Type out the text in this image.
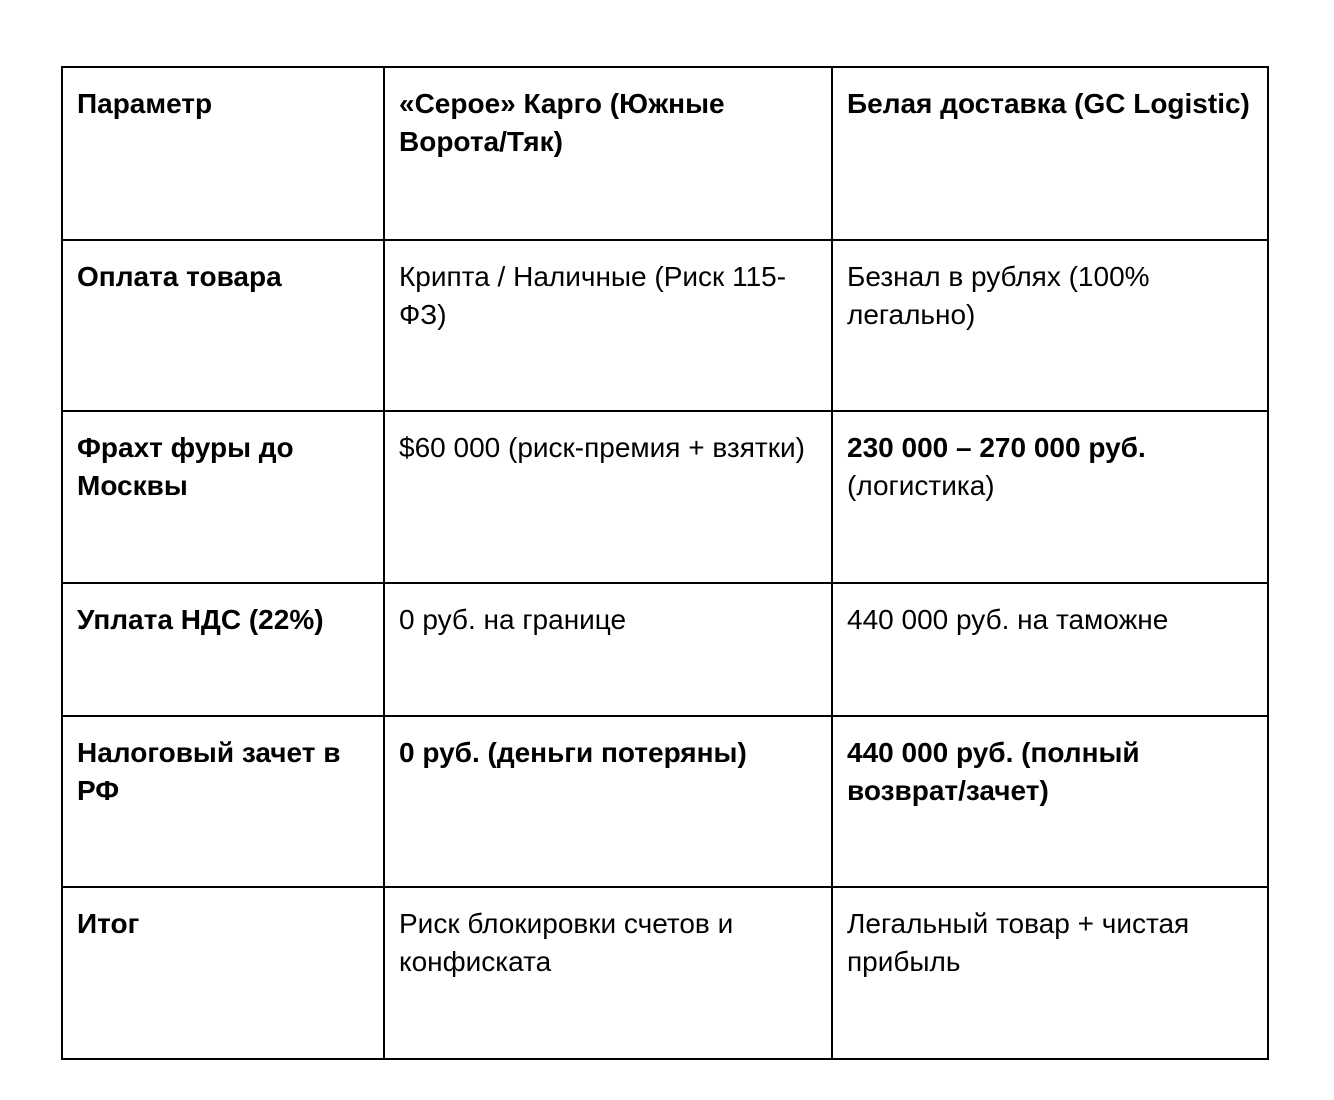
Параметр	«Серое» Карго (Южные Ворота/Тяк)	Белая доставка (GC Logistic)
Оплата товара	Крипта / Наличные (Риск 115-ФЗ)	Безнал в рублях (100% легально)
Фрахт фуры до Москвы	$60 000 (риск-премия + взятки)	230 000 – 270 000 руб. (логистика)
Уплата НДС (22%)	0 руб. на границе	440 000 руб. на таможне
Налоговый зачет в РФ	0 руб. (деньги потеряны)	440 000 руб. (полный возврат/зачет)
Итог	Риск блокировки счетов и конфиската	Легальный товар + чистая прибыль
